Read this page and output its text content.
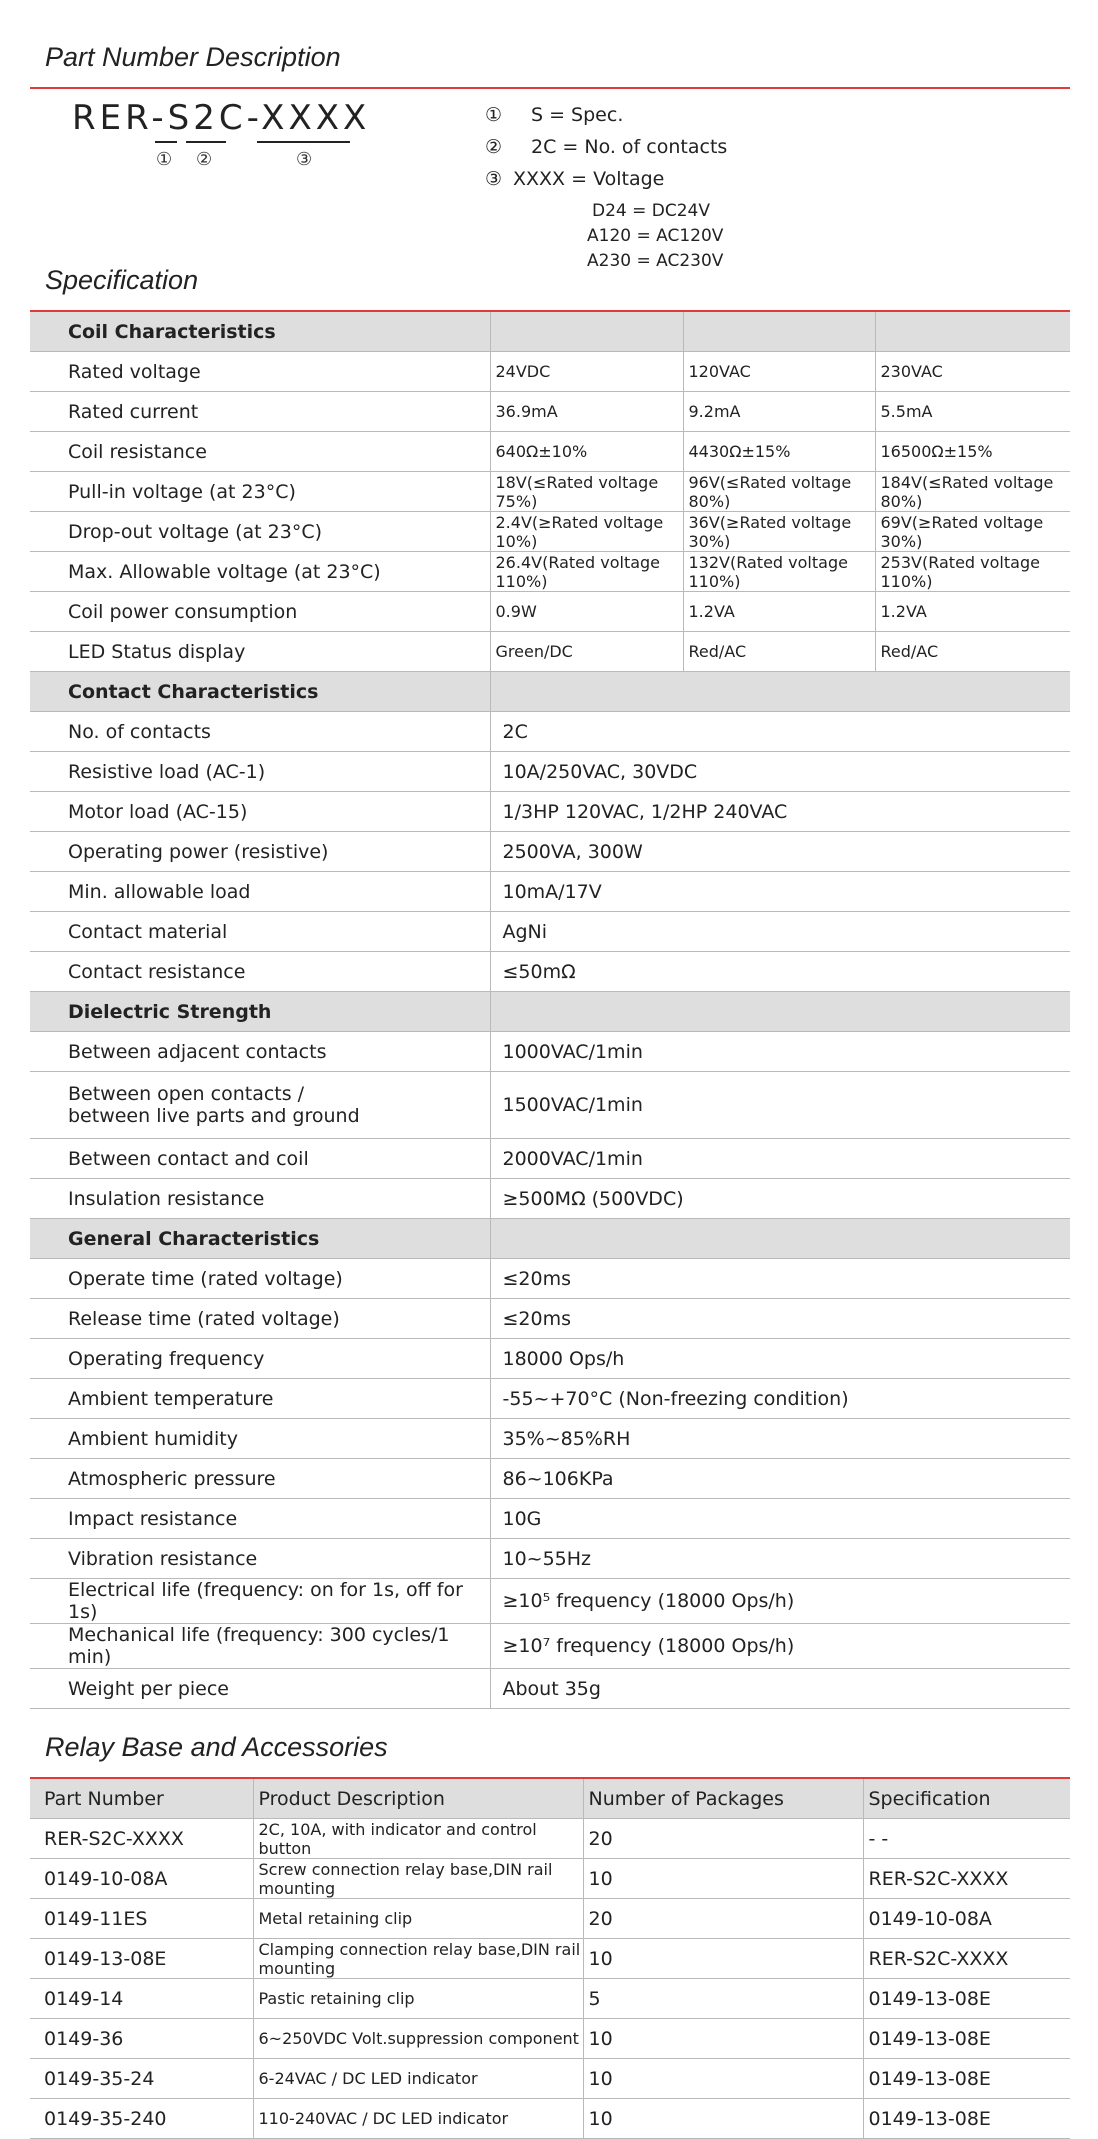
Part Number Description
RER-S2C-XXXX
① ②	③
① S = Spec.
② 2C = No. of contacts
③ XXXX = Voltage
D24 = DC24V
A120 = AC120V
A230 = AC230V
Specification
Coil Characteristics			
Rated voltage	24VDC	120VAC	230VAC
Rated current	36.9mA	9.2mA	5.5mA
Coil resistance	640Ω±10%	4430Ω±15%	16500Ω±15%
Pull-in voltage (at 23°C)	18V(≤Rated voltage 75%)	96V(≤Rated voltage 80%)	184V(≤Rated voltage 80%)
Drop-out voltage (at 23°C)	2.4V(≥Rated voltage 10%)	36V(≥Rated voltage 30%)	69V(≥Rated voltage 30%)
Max. Allowable voltage (at 23°C)	26.4V(Rated voltage 110%)	132V(Rated voltage 110%)	253V(Rated voltage 110%)
Coil power consumption	0.9W	1.2VA	1.2VA
LED Status display	Green/DC	Red/AC	Red/AC
Contact Characteristics			
No. of contacts	2C		
Resistive load (AC-1)	10A/250VAC, 30VDC		
Motor load (AC-15)	1/3HP 120VAC, 1/2HP 240VAC		
Operating power (resistive)	2500VA, 300W		
Min. allowable load	10mA/17V		
Contact material	AgNi		
Contact resistance	≤50mΩ		
Dielectric Strength			
Between adjacent contacts	1000VAC/1min		
Between open contacts /
between live parts and ground	1500VAC/1min		
Between contact and coil	2000VAC/1min		
Insulation resistance	≥500MΩ (500VDC)		
General Characteristics			
Operate time (rated voltage)	≤20ms		
Release time (rated voltage)	≤20ms		
Operating frequency	18000 Ops/h		
Ambient temperature	-55~+70°C (Non-freezing condition)		
Ambient humidity	35%~85%RH		
Atmospheric pressure	86~106KPa		
Impact resistance	10G		
Vibration resistance	10~55Hz		
Electrical life (frequency: on for 1s, off for 1s)	≥10⁵ frequency (18000 Ops/h)		
Mechanical life (frequency: 300 cycles/1 min)	≥10⁷ frequency (18000 Ops/h)		
Weight per piece	About 35g		
Relay Base and Accessories
Part Number	Product Description	Number of Packages	Specification
RER-S2C-XXXX	2C, 10A, with indicator and control button	20	- -
0149-10-08A	Screw connection relay base,DIN rail mounting	10	RER-S2C-XXXX
0149-11ES	Metal retaining clip	20	0149-10-08A
0149-13-08E	Clamping connection relay base,DIN rail mounting	10	RER-S2C-XXXX
0149-14	Pastic retaining clip	5	0149-13-08E
0149-36	6~250VDC Volt.suppression component	10	0149-13-08E
0149-35-24	6-24VAC / DC LED indicator	10	0149-13-08E
0149-35-240	110-240VAC / DC LED indicator	10	0149-13-08E
